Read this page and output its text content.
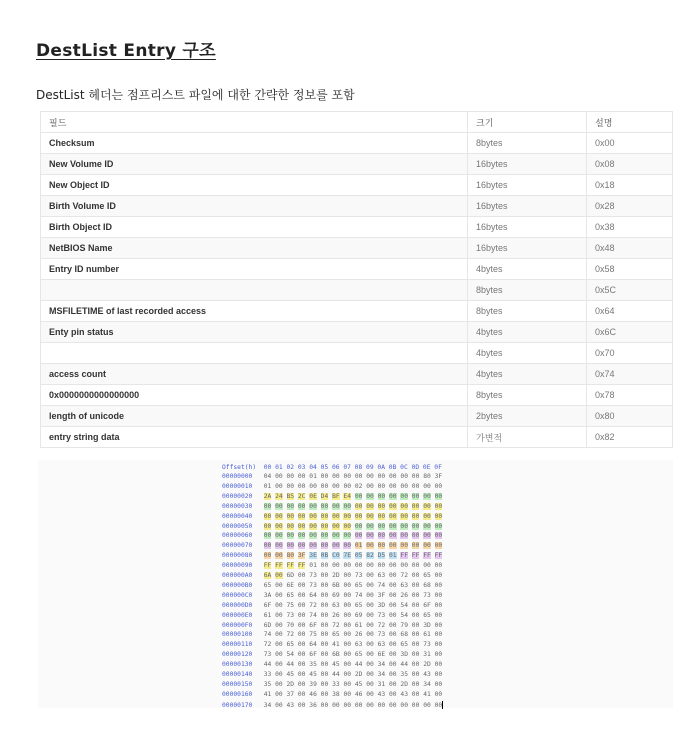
DestList Entry 구조
DestList 헤더는 점프리스트 파일에 대한 간략한 정보를 포함
필드	크기	설명
Checksum	8bytes	0x00
New Volume ID	16bytes	0x08
New Object ID	16bytes	0x18
Birth Volume ID	16bytes	0x28
Birth Object ID	16bytes	0x38
NetBIOS Name	16bytes	0x48
Entry ID number	4bytes	0x58
	8bytes	0x5C
MSFILETIME of last recorded access	8bytes	0x64
Enty pin status	4bytes	0x6C
	4bytes	0x70
access count	4bytes	0x74
0x0000000000000000	8bytes	0x78
length of unicode	2bytes	0x80
entry string data	가변적	0x82
Offset(h)  00 01 02 03 04 05 06 07 08 09 0A 0B 0C 0D 0E 0F
00000000 04 00 00 00 01 00 00 00 00 00 00 00 00 00 80 3F
00000010 01 00 00 00 00 00 00 00 02 00 00 00 00 00 00 00
00000020 2A 24 B5 2C 0E D4 BF E4 00 00 00 00 00 00 00 00
00000030 00 00 00 00 00 00 00 00 00 00 00 00 00 00 00 00
00000040 00 00 00 00 00 00 00 00 00 00 00 00 00 00 00 00
00000050 00 00 00 00 00 00 00 00 00 00 00 00 00 00 00 00
00000060 00 00 00 00 00 00 00 00 00 00 00 00 00 00 00 00
00000070 00 00 00 00 00 00 00 00 01 00 00 00 00 00 00 00
00000080 00 00 80 3F 3E 0B C0 7E 05 82 D5 01 FF FF FF FF
00000090 FF FF FF FF 01 00 00 00 00 00 00 00 00 00 00 00
000000A0 6A 00 6D 00 73 00 2D 00 73 00 63 00 72 00 65 00
000000B0 65 00 6E 00 73 00 6B 00 65 00 74 00 63 00 68 00
000000C0 3A 00 65 00 64 00 69 00 74 00 3F 00 26 00 73 00
000000D0 6F 00 75 00 72 00 63 00 65 00 3D 00 54 00 6F 00
000000E0 61 00 73 00 74 00 26 00 69 00 73 00 54 00 65 00
000000F0 6D 00 70 00 6F 00 72 00 61 00 72 00 79 00 3D 00
00000100 74 00 72 00 75 00 65 00 26 00 73 00 68 00 61 00
00000110 72 00 65 00 64 00 41 00 63 00 63 00 65 00 73 00
00000120 73 00 54 00 6F 00 6B 00 65 00 6E 00 3D 00 31 00
00000130 44 00 44 00 35 00 45 00 44 00 34 00 44 00 2D 00
00000140 33 00 45 00 45 00 44 00 2D 00 34 00 35 00 43 00
00000150 35 00 2D 00 39 00 33 00 45 00 31 00 2D 00 34 00
00000160 41 00 37 00 46 00 38 00 46 00 43 00 43 00 41 00
00000170 34 00 43 00 36 00 00 00 00 00 00 00 00 00 00 00
